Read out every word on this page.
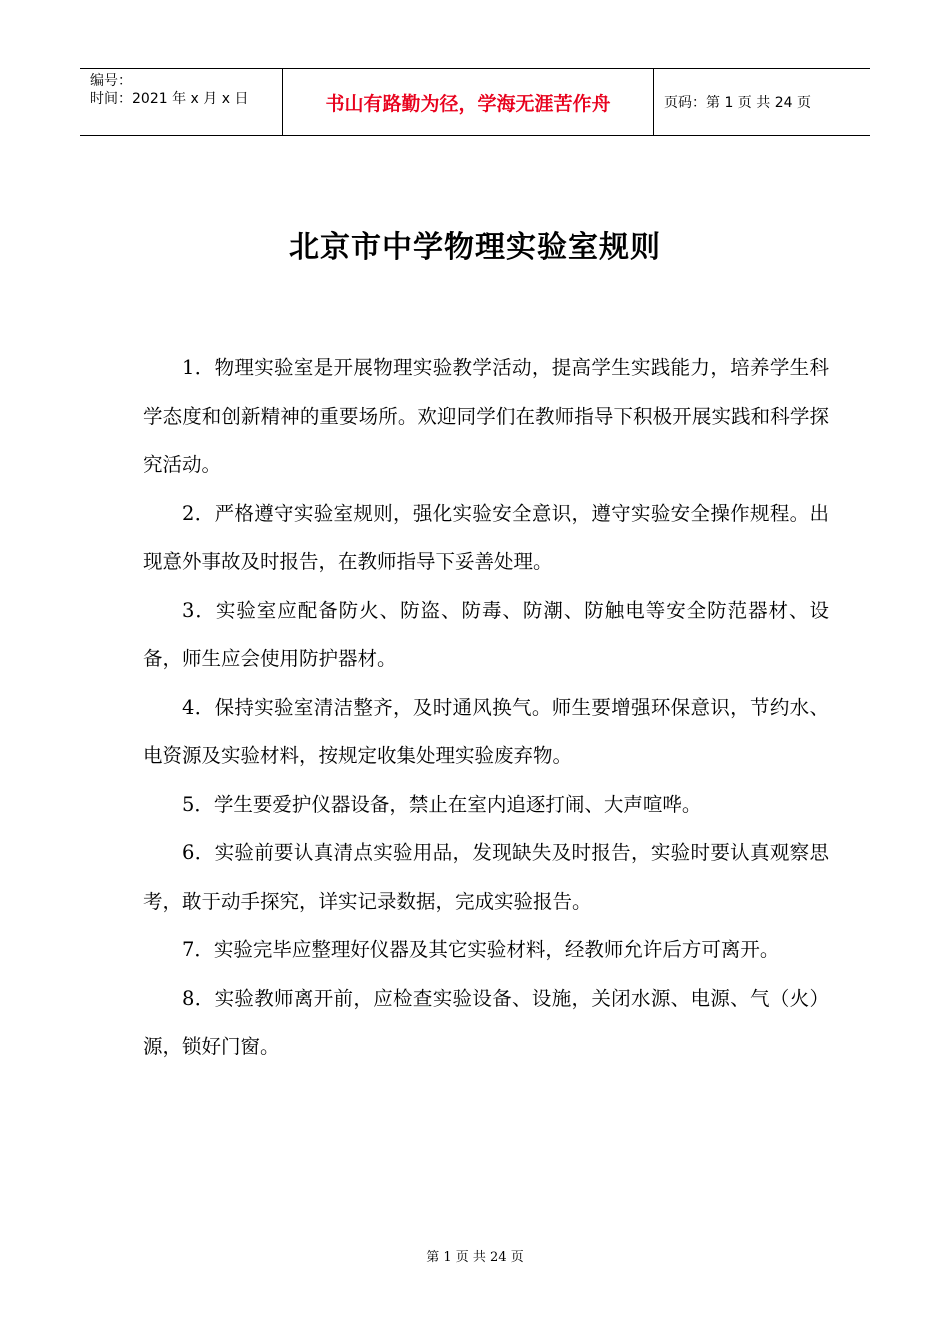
编号：
时间：2021 年 x 月 x 日	书山有路勤为径，学海无涯苦作舟	页码：第 1 页 共 24 页
北京市中学物理实验室规则

1．物理实验室是开展物理实验教学活动，提高学生实践能力，培养学生科学态度和创新精神的重要场所。欢迎同学们在教师指导下积极开展实践和科学探究活动。

2．严格遵守实验室规则，强化实验安全意识，遵守实验安全操作规程。出现意外事故及时报告，在教师指导下妥善处理。

3．实验室应配备防火、防盗、防毒、防潮、防触电等安全防范器材、设备，师生应会使用防护器材。

4．保持实验室清洁整齐，及时通风换气。师生要增强环保意识，节约水、电资源及实验材料，按规定收集处理实验废弃物。

5．学生要爱护仪器设备，禁止在室内追逐打闹、大声喧哗。

6．实验前要认真清点实验用品，发现缺失及时报告，实验时要认真观察思考，敢于动手探究，详实记录数据，完成实验报告。

7．实验完毕应整理好仪器及其它实验材料，经教师允许后方可离开。

8．实验教师离开前，应检查实验设备、设施，关闭水源、电源、气（火）源，锁好门窗。

第 1 页 共 24 页
